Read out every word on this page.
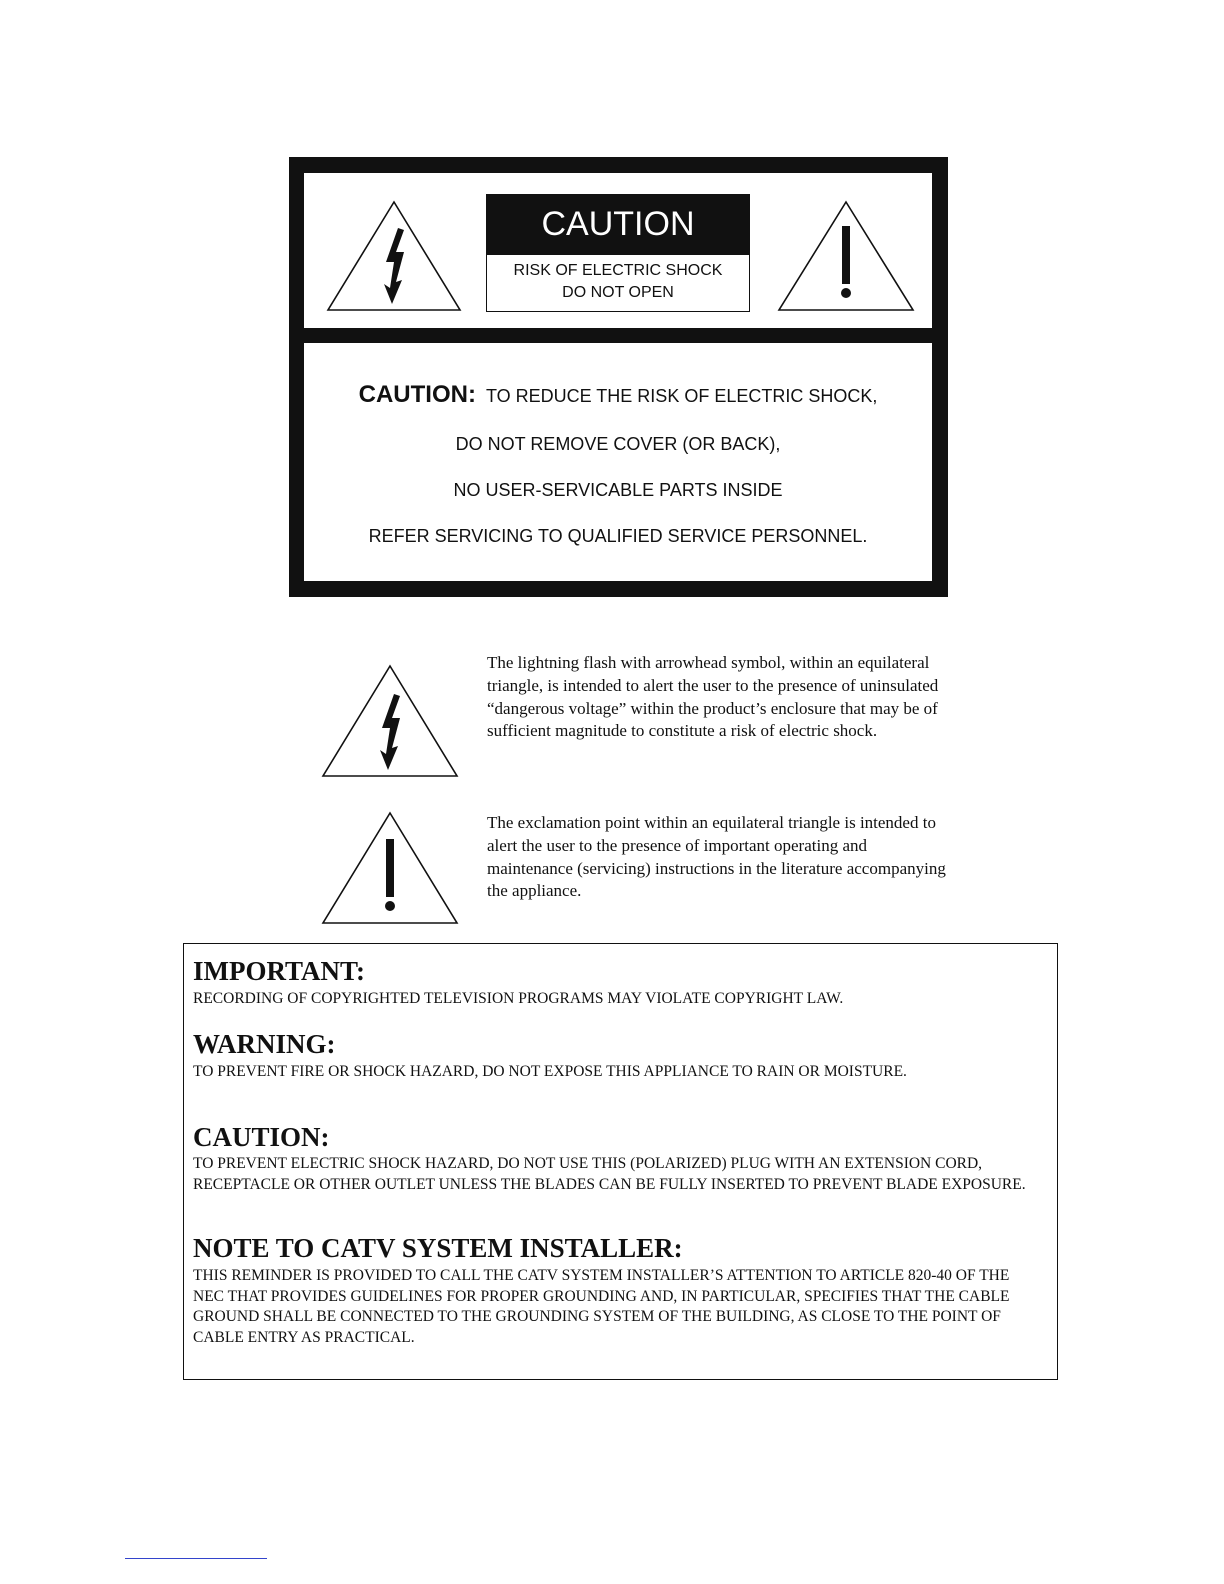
CAUTION
RISK OF ELECTRIC SHOCK
DO NOT OPEN
CAUTION: TO REDUCE THE RISK OF ELECTRIC SHOCK,
DO NOT REMOVE COVER (OR BACK),
NO USER-SERVICABLE PARTS INSIDE
REFER SERVICING TO QUALIFIED SERVICE PERSONNEL.
The lightning flash with arrowhead symbol, within an equilateral triangle, is intended to alert the user to the presence of uninsulated “dangerous voltage” within the product’s enclosure that may be of sufficient magnitude to constitute a risk of electric shock.
The exclamation point within an equilateral triangle is intended to alert the user to the presence of important operating and maintenance (servicing) instructions in the literature accompanying the appliance.
IMPORTANT:
RECORDING OF COPYRIGHTED TELEVISION PROGRAMS MAY VIOLATE COPYRIGHT LAW.
WARNING:
TO PREVENT FIRE OR SHOCK HAZARD, DO NOT EXPOSE THIS APPLIANCE TO RAIN OR MOISTURE.
CAUTION:
TO PREVENT ELECTRIC SHOCK HAZARD, DO NOT USE THIS (POLARIZED) PLUG WITH AN EXTENSION CORD, RECEPTACLE OR OTHER OUTLET UNLESS THE BLADES CAN BE FULLY INSERTED TO PREVENT BLADE EXPOSURE.
NOTE TO CATV SYSTEM INSTALLER:
THIS REMINDER IS PROVIDED TO CALL THE CATV SYSTEM INSTALLER’S ATTENTION TO ARTICLE 820-40 OF THE NEC THAT PROVIDES GUIDELINES FOR PROPER GROUNDING AND, IN PARTICULAR, SPECIFIES THAT THE CABLE GROUND SHALL BE CONNECTED TO THE GROUNDING SYSTEM OF THE BUILDING, AS CLOSE TO THE POINT OF CABLE ENTRY AS PRACTICAL.
